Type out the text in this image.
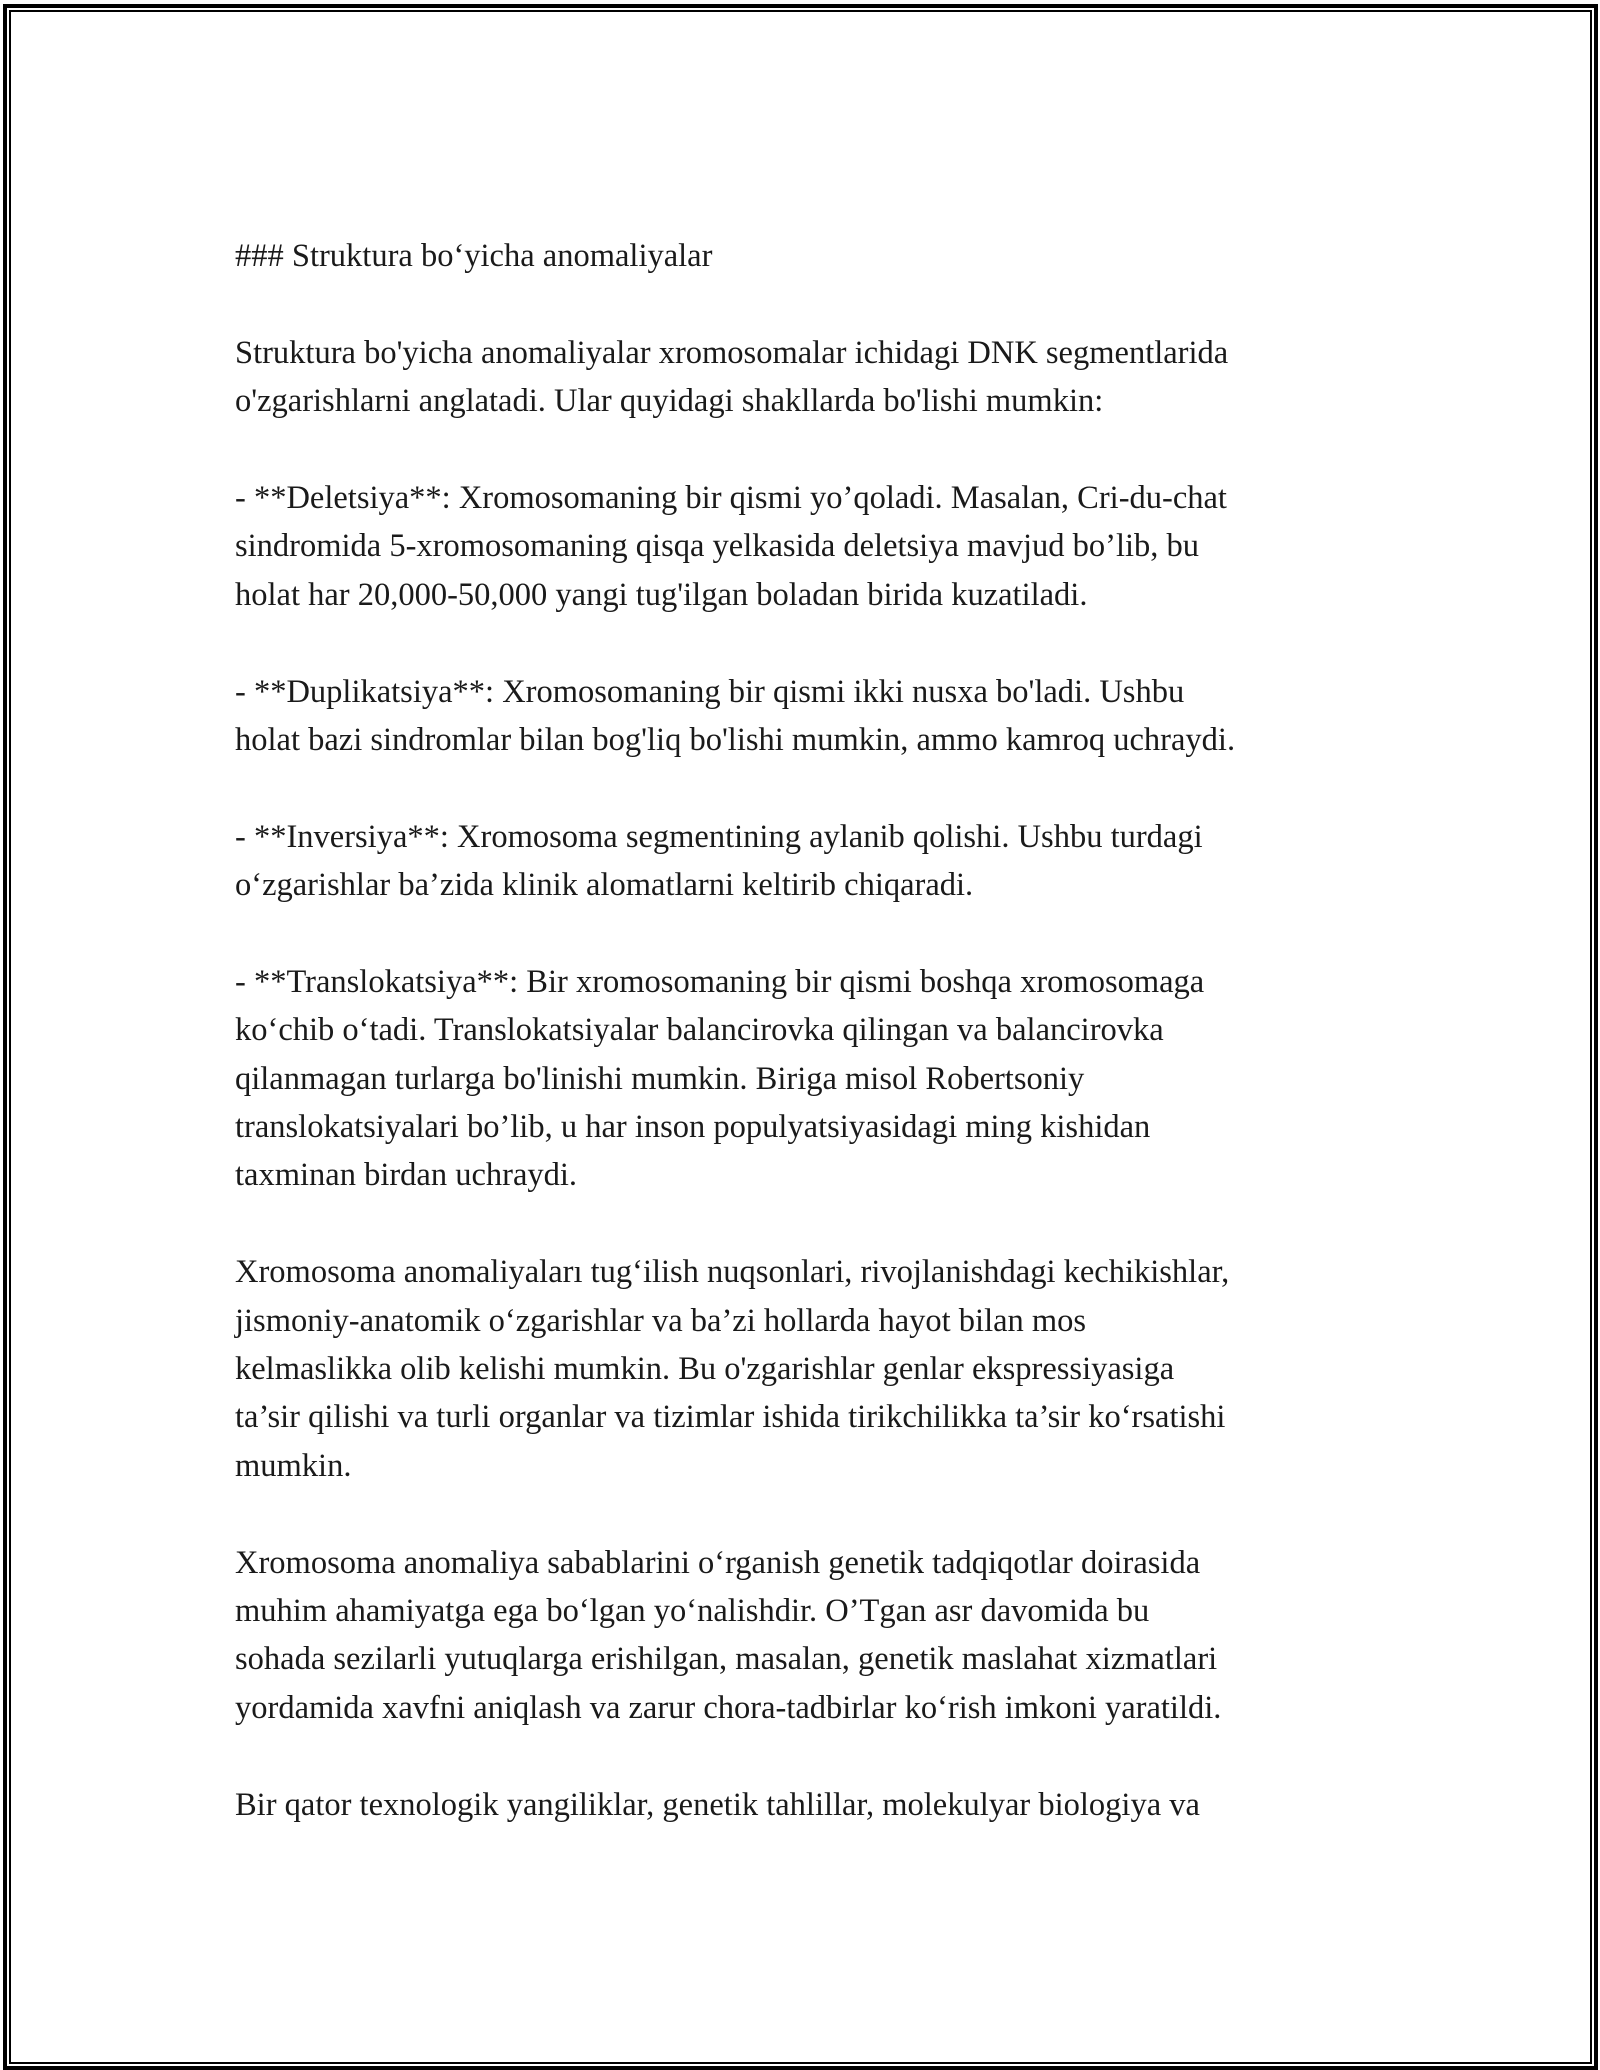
### Struktura bo‘yicha anomaliyalar
Struktura bo'yicha anomaliyalar xromosomalar ichidagi DNK segmentlarida
o'zgarishlarni anglatadi. Ular quyidagi shakllarda bo'lishi mumkin:
- **Deletsiya**: Xromosomaning bir qismi yo’qoladi. Masalan, Cri-du-chat
sindromida 5-xromosomaning qisqa yelkasida deletsiya mavjud bo’lib, bu
holat har 20,000-50,000 yangi tug'ilgan boladan birida kuzatiladi.
- **Duplikatsiya**: Xromosomaning bir qismi ikki nusxa bo'ladi. Ushbu
holat bazi sindromlar bilan bog'liq bo'lishi mumkin, ammo kamroq uchraydi.
- **Inversiya**: Xromosoma segmentining aylanib qolishi. Ushbu turdagi
o‘zgarishlar ba’zida klinik alomatlarni keltirib chiqaradi.
- **Translokatsiya**: Bir xromosomaning bir qismi boshqa xromosomaga
ko‘chib o‘tadi. Translokatsiyalar balancirovka qilingan va balancirovka
qilanmagan turlarga bo'linishi mumkin. Biriga misol Robertsoniy
translokatsiyalari bo’lib, u har inson populyatsiyasidagi ming kishidan
taxminan birdan uchraydi.
Xromosoma anomaliyaları tug‘ilish nuqsonlari, rivojlanishdagi kechikishlar,
jismoniy-anatomik o‘zgarishlar va ba’zi hollarda hayot bilan mos
kelmaslikka olib kelishi mumkin. Bu o'zgarishlar genlar ekspressiyasiga
ta’sir qilishi va turli organlar va tizimlar ishida tirikchilikka ta’sir ko‘rsatishi
mumkin.
Xromosoma anomaliya sabablarini o‘rganish genetik tadqiqotlar doirasida
muhim ahamiyatga ega bo‘lgan yo‘nalishdir. O’Tgan asr davomida bu
sohada sezilarli yutuqlarga erishilgan, masalan, genetik maslahat xizmatlari
yordamida xavfni aniqlash va zarur chora-tadbirlar ko‘rish imkoni yaratildi.
Bir qator texnologik yangiliklar, genetik tahlillar, molekulyar biologiya va
